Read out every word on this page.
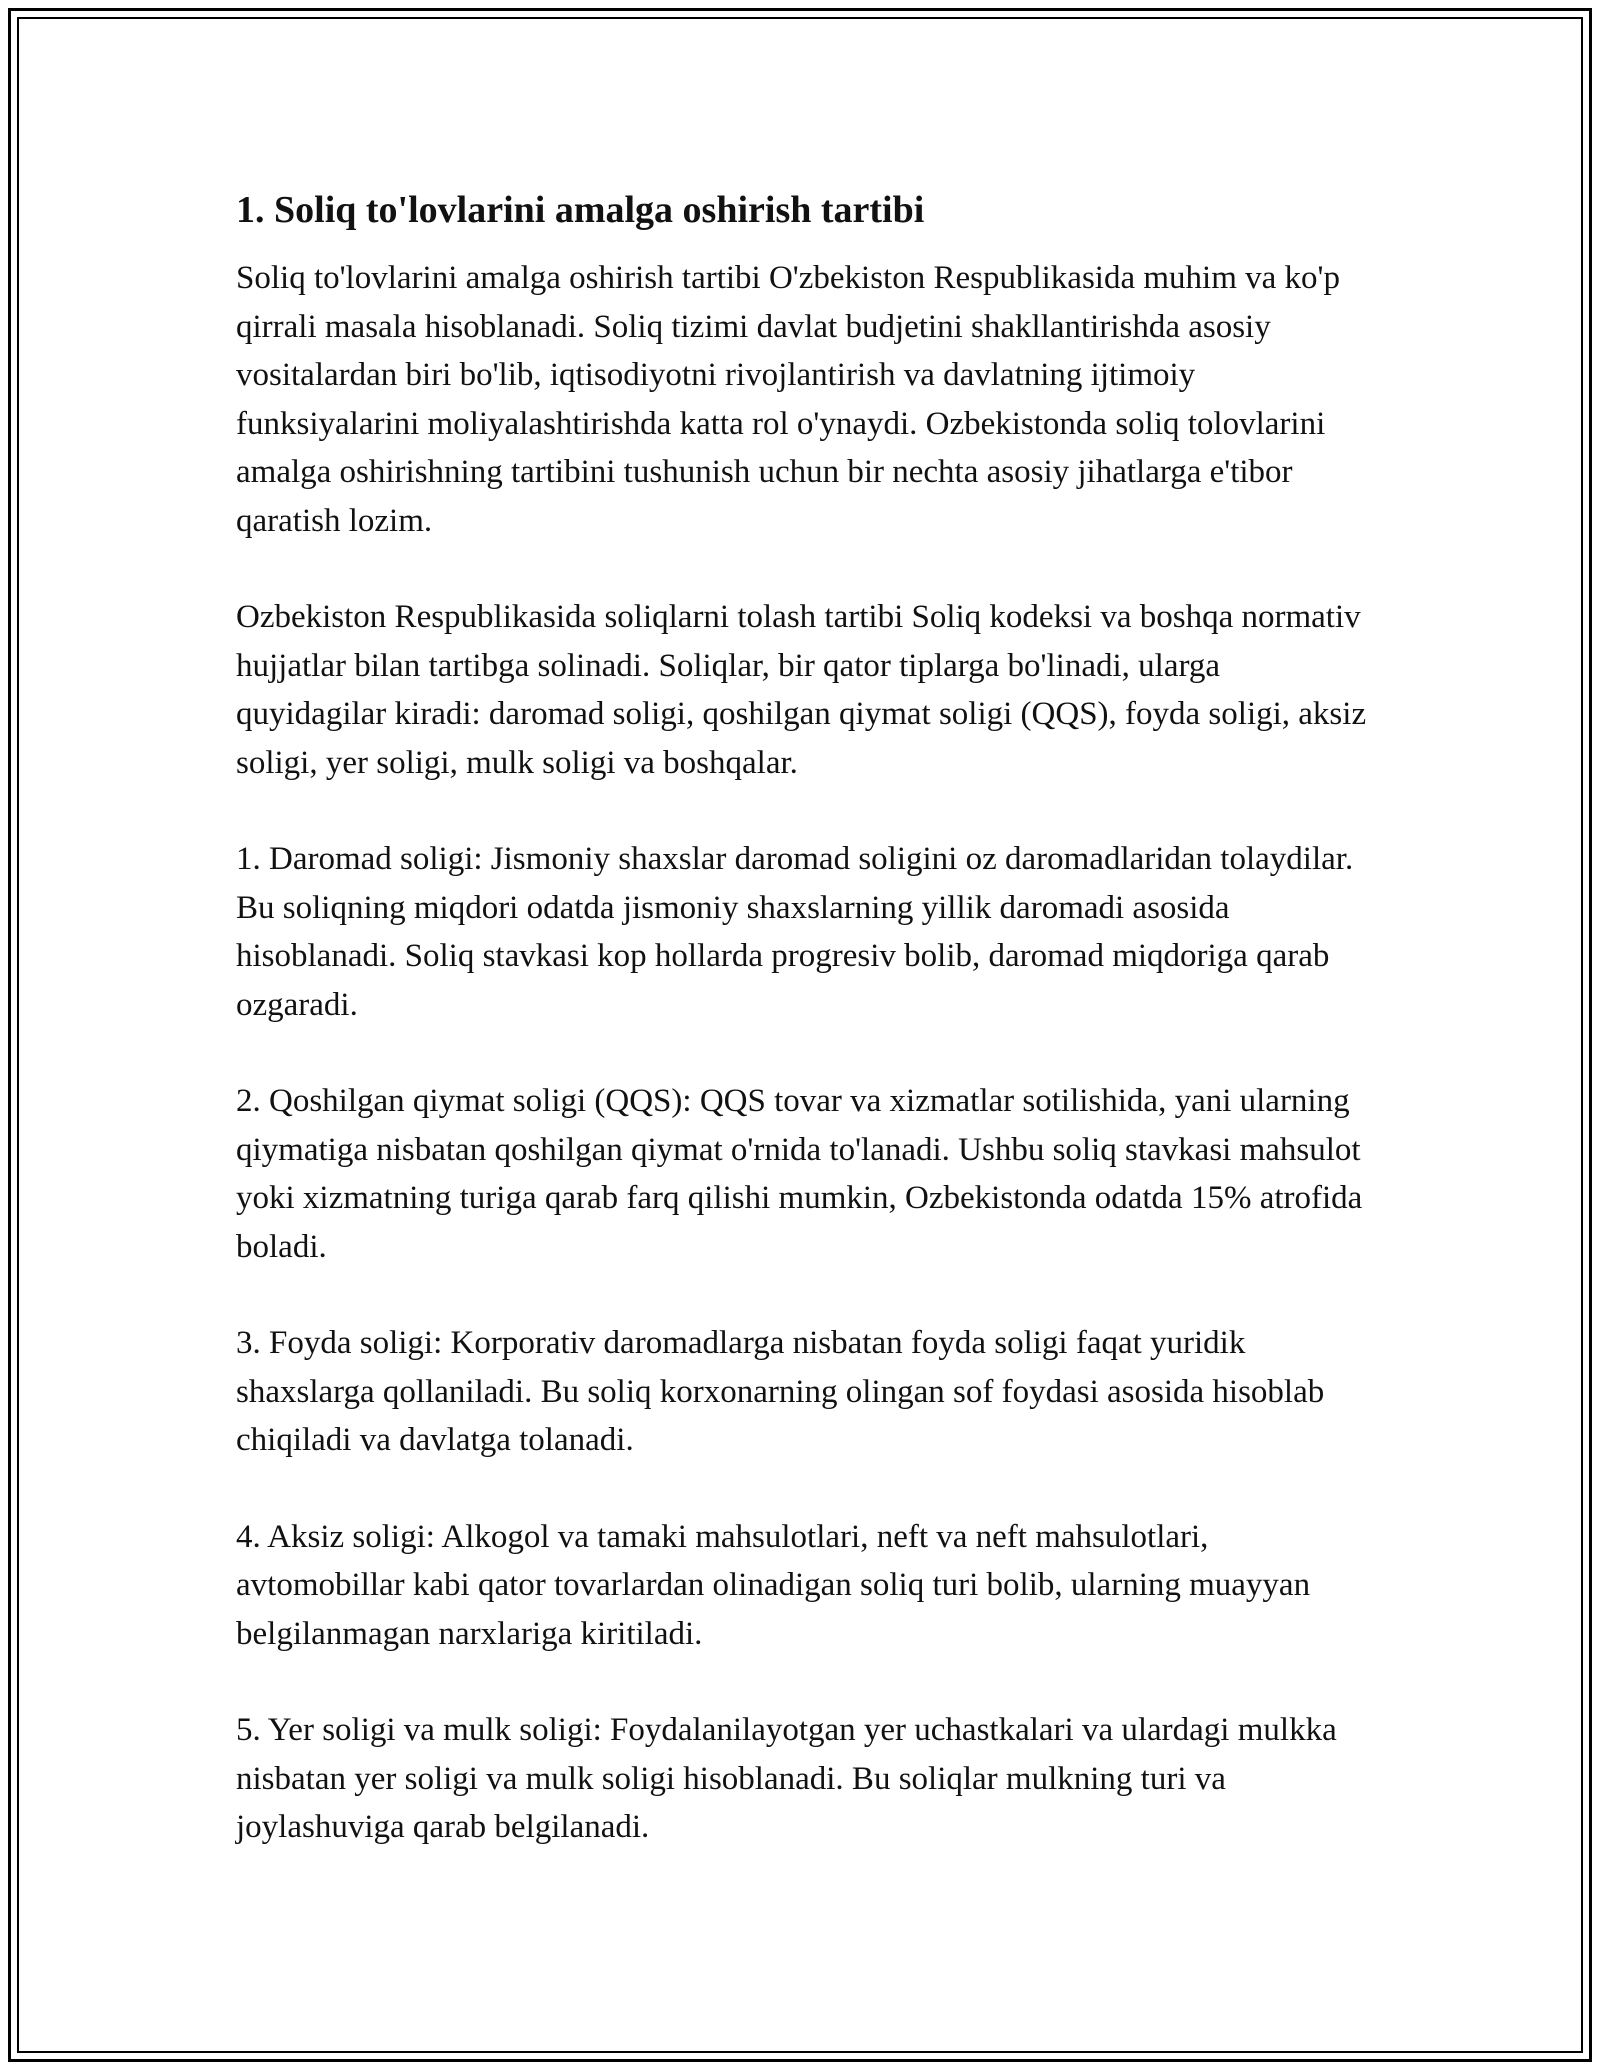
1. Soliq to'lovlarini amalga oshirish tartibi

Soliq to'lovlarini amalga oshirish tartibi O'zbekiston Respublikasida muhim va ko'p qirrali masala hisoblanadi. Soliq tizimi davlat budjetini shakllantirishda asosiy vositalardan biri bo'lib, iqtisodiyotni rivojlantirish va davlatning ijtimoiy funksiyalarini moliyalashtirishda katta rol o'ynaydi. Ozbekistonda soliq tolovlarini amalga oshirishning tartibini tushunish uchun bir nechta asosiy jihatlarga e'tibor qaratish lozim.

Ozbekiston Respublikasida soliqlarni tolash tartibi Soliq kodeksi va boshqa normativ hujjatlar bilan tartibga solinadi. Soliqlar, bir qator tiplarga bo'linadi, ularga quyidagilar kiradi: daromad soligi, qoshilgan qiymat soligi (QQS), foyda soligi, aksiz soligi, yer soligi, mulk soligi va boshqalar.

1. Daromad soligi: Jismoniy shaxslar daromad soligini oz daromadlaridan tolaydilar. Bu soliqning miqdori odatda jismoniy shaxslarning yillik daromadi asosida hisoblanadi. Soliq stavkasi kop hollarda progresiv bolib, daromad miqdoriga qarab ozgaradi.

2. Qoshilgan qiymat soligi (QQS): QQS tovar va xizmatlar sotilishida, yani ularning qiymatiga nisbatan qoshilgan qiymat o'rnida to'lanadi. Ushbu soliq stavkasi mahsulot yoki xizmatning turiga qarab farq qilishi mumkin, Ozbekistonda odatda 15% atrofida boladi.

3. Foyda soligi: Korporativ daromadlarga nisbatan foyda soligi faqat yuridik shaxslarga qollaniladi. Bu soliq korxonarning olingan sof foydasi asosida hisoblab chiqiladi va davlatga tolanadi.

4. Aksiz soligi: Alkogol va tamaki mahsulotlari, neft va neft mahsulotlari, avtomobillar kabi qator tovarlardan olinadigan soliq turi bolib, ularning muayyan belgilanmagan narxlariga kiritiladi.

5. Yer soligi va mulk soligi: Foydalanilayotgan yer uchastkalari va ulardagi mulkka nisbatan yer soligi va mulk soligi hisoblanadi. Bu soliqlar mulkning turi va joylashuviga qarab belgilanadi.
